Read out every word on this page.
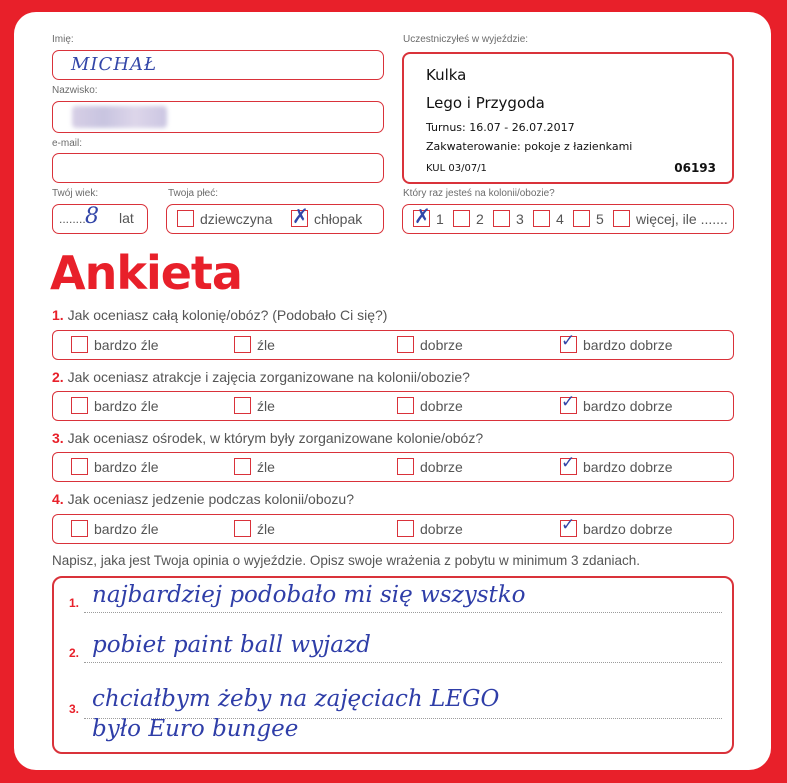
Imię:
MICHAŁ
Nazwisko:
e-mail:
Twój wiek:
........ 8 lat
Twoja płeć:
dziewczyna ✗ chłopak
Uczestniczyłeś w wyjeździe:
Kulka
Lego i Przygoda
Turnus: 16.07 - 26.07.2017
Zakwaterowanie: pokoje z łazienkami
KUL 03/07/1	06193
Który raz jesteś na kolonii/obozie?
✗ 1 2 3 4 5 więcej, ile .......
Ankieta
1. Jak oceniasz całą kolonię/obóz? (Podobało Ci się?)
bardzo źle	źle	dobrze	✓ bardzo dobrze
2. Jak oceniasz atrakcje i zajęcia zorganizowane na kolonii/obozie?
bardzo źle	źle	dobrze	✓ bardzo dobrze
3. Jak oceniasz ośrodek, w którym były zorganizowane kolonie/obóz?
bardzo źle	źle	dobrze	✓ bardzo dobrze
4. Jak oceniasz jedzenie podczas kolonii/obozu?
bardzo źle	źle	dobrze	✓ bardzo dobrze
Napisz, jaka jest Twoja opinia o wyjeździe. Opisz swoje wrażenia z pobytu w minimum 3 zdaniach.
1. najbardziej podobało mi się wszystko
2. pobiet paint ball wyjazd
3. chciałbym żeby na zajęciach LEGO
było Euro bungee
